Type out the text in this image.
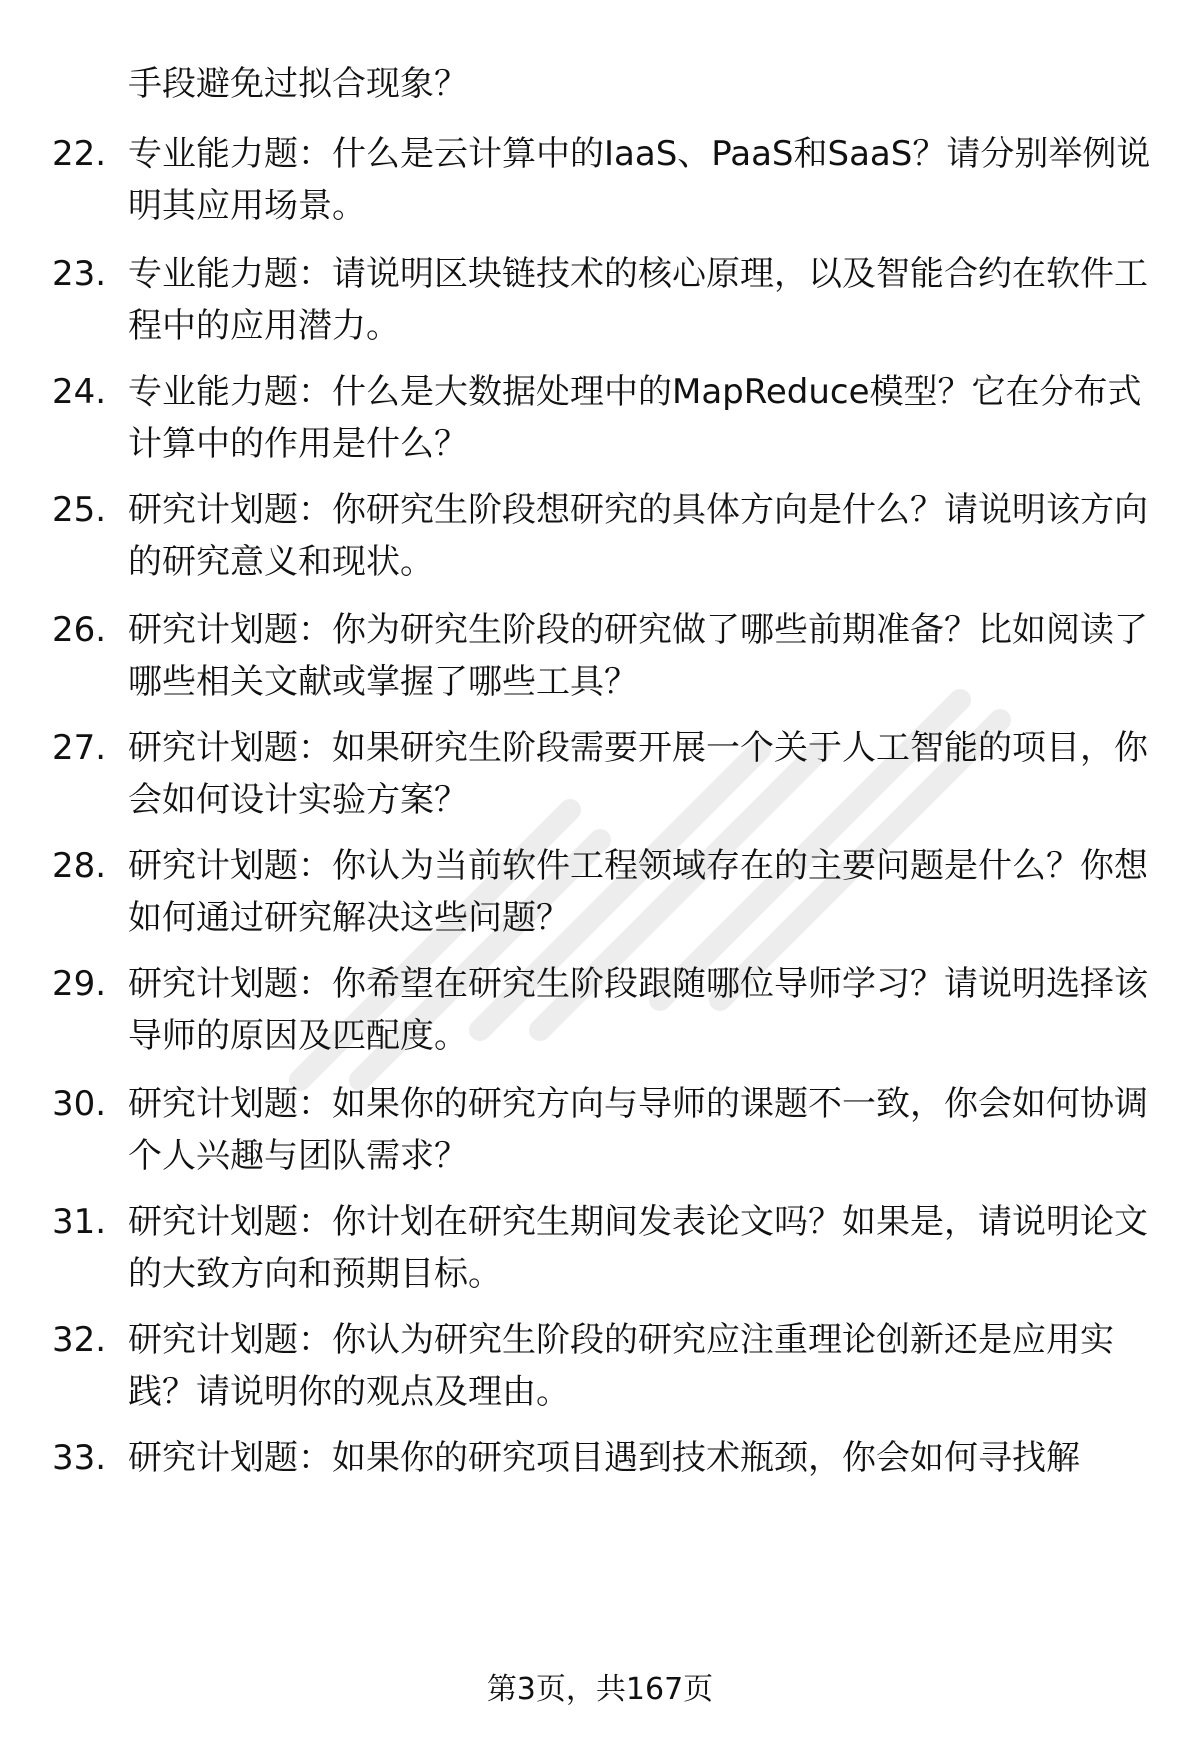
手段避免过拟合现象？
22. 专业能力题：什么是云计算中的IaaS、PaaS和SaaS？请分别举例说明其应用场景。
23. 专业能力题：请说明区块链技术的核心原理，以及智能合约在软件工程中的应用潜力。
24. 专业能力题：什么是大数据处理中的MapReduce模型？它在分布式计算中的作用是什么？
25. 研究计划题：你研究生阶段想研究的具体方向是什么？请说明该方向的研究意义和现状。
26. 研究计划题：你为研究生阶段的研究做了哪些前期准备？比如阅读了哪些相关文献或掌握了哪些工具？
27. 研究计划题：如果研究生阶段需要开展一个关于人工智能的项目，你会如何设计实验方案？
28. 研究计划题：你认为当前软件工程领域存在的主要问题是什么？你想如何通过研究解决这些问题？
29. 研究计划题：你希望在研究生阶段跟随哪位导师学习？请说明选择该导师的原因及匹配度。
30. 研究计划题：如果你的研究方向与导师的课题不一致，你会如何协调个人兴趣与团队需求？
31. 研究计划题：你计划在研究生期间发表论文吗？如果是，请说明论文的大致方向和预期目标。
32. 研究计划题：你认为研究生阶段的研究应注重理论创新还是应用实践？请说明你的观点及理由。
33. 研究计划题：如果你的研究项目遇到技术瓶颈，你会如何寻找解
第3页，共167页
